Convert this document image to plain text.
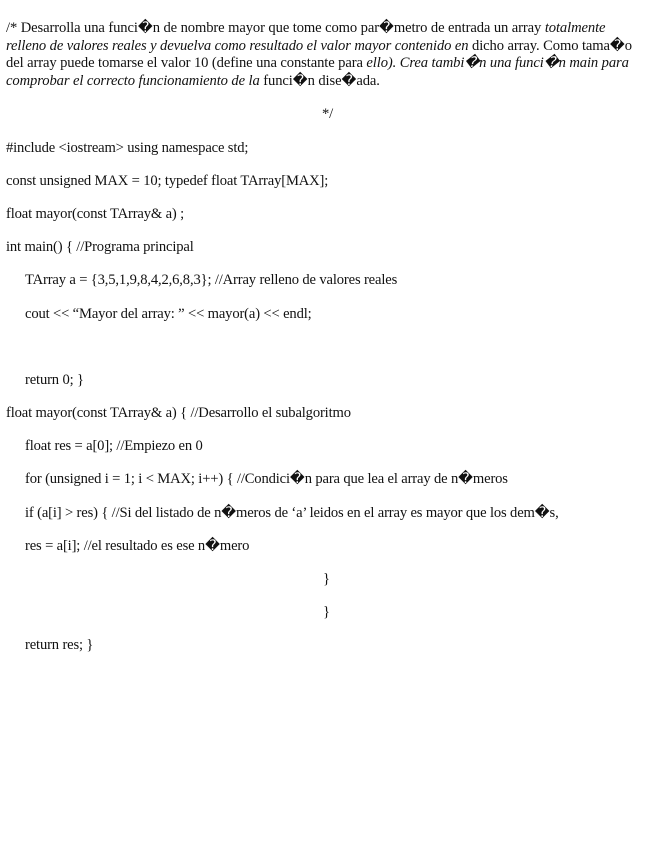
/* Desarrolla una funci�n de nombre mayor que tome como par�metro de entrada un array totalmente relleno de valores reales y devuelva como resultado el valor mayor contenido en dicho array. Como tama�o del array puede tomarse el valor 10 (define una constante para ello). Crea tambi�n una funci�n main para comprobar el correcto funcionamiento de la funci�n dise�ada.

*/

#include <iostream> using namespace std;

const unsigned MAX = 10; typedef float TArray[MAX];

float mayor(const TArray& a) ;

int main() { //Programa principal

TArray a = {3,5,1,9,8,4,2,6,8,3}; //Array relleno de valores reales

cout << “Mayor del array: ” << mayor(a) << endl;

return 0; }

float mayor(const TArray& a) { //Desarrollo el subalgoritmo

float res = a[0]; //Empiezo en 0

for (unsigned i = 1; i < MAX; i++) { //Condici�n para que lea el array de n�meros

if (a[i] > res) { //Si del listado de n�meros de ‘a’ leidos en el array es mayor que los dem�s,

res = a[i]; //el resultado es ese n�mero

}

}

return res; }
